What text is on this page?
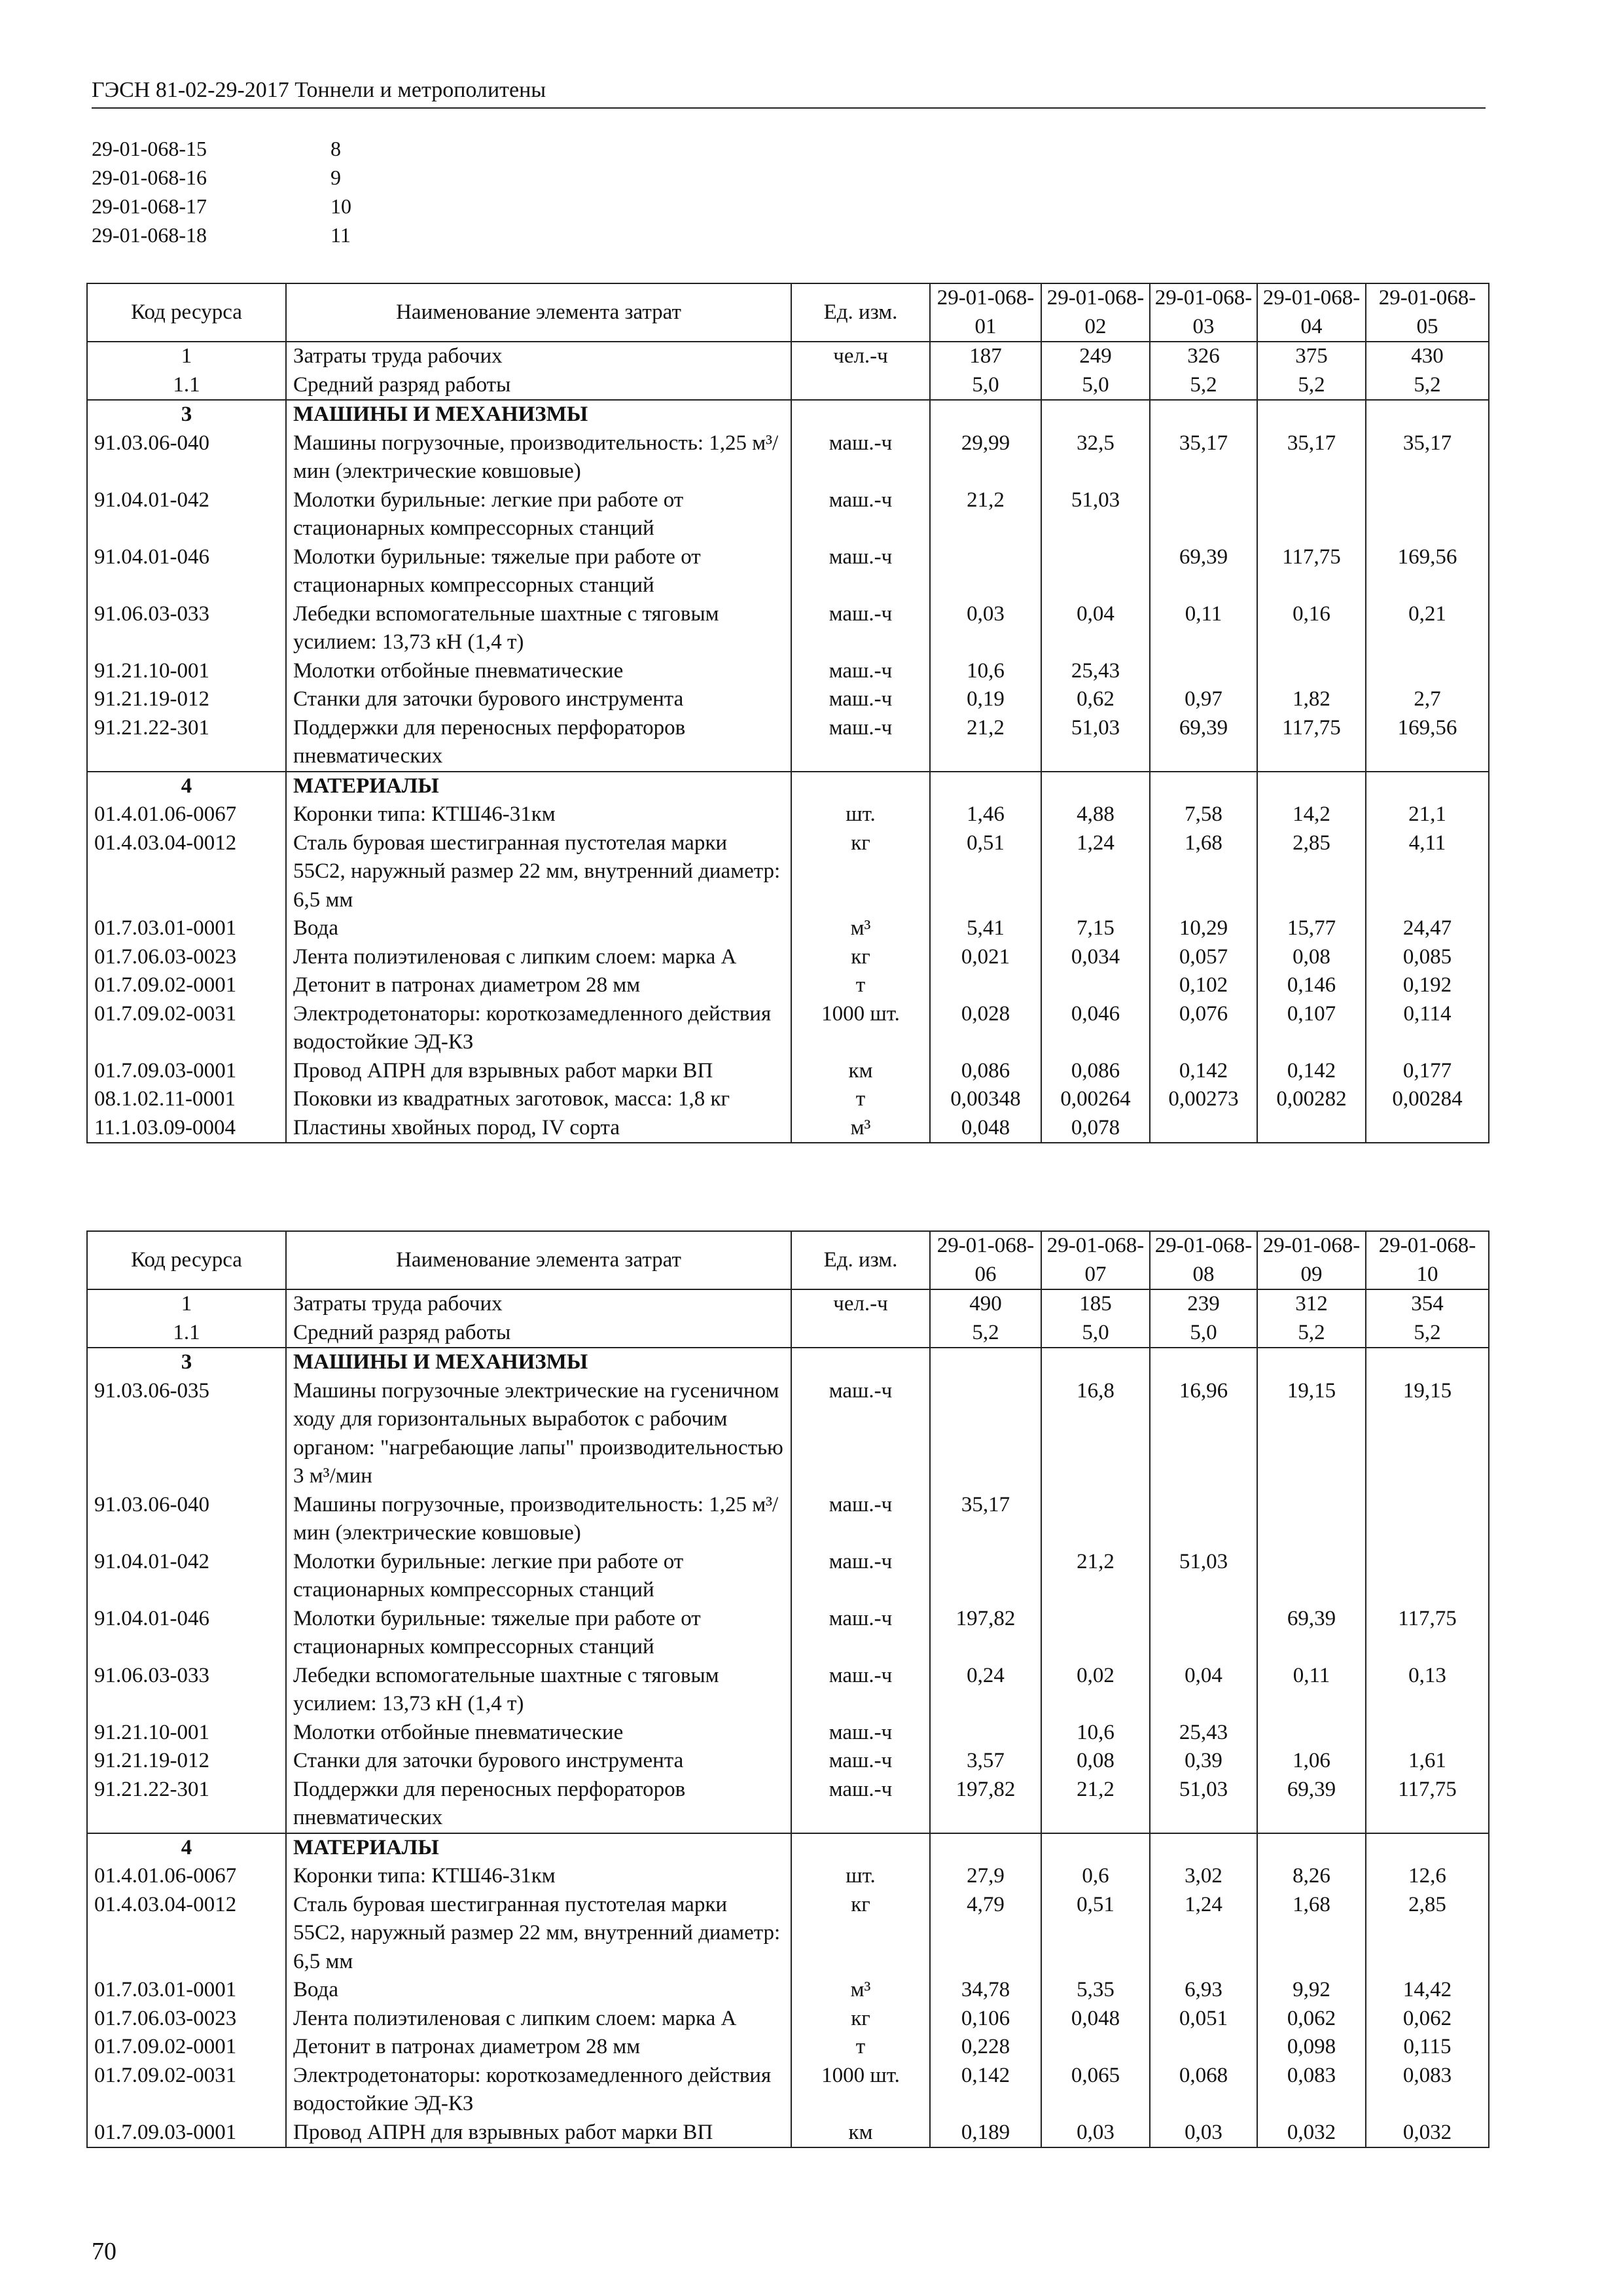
ГЭСН 81-02-29-2017 Тоннели и метрополитены
29-01-068-15	8
29-01-068-16	9
29-01-068-17	10
29-01-068-18	11
Код ресурса	Наименование элемента затрат	Ед. изм.	29-01-068-01	29-01-068-02	29-01-068-03	29-01-068-04	29-01-068-05
1	Затраты труда рабочих	чел.-ч	187	249	326	375	430
1.1	Средний разряд работы		5,0	5,0	5,2	5,2	5,2
3	МАШИНЫ И МЕХАНИЗМЫ						
91.03.06-040	Машины погрузочные, производительность: 1,25 м³/мин (электрические ковшовые)	маш.-ч	29,99	32,5	35,17	35,17	35,17
91.04.01-042	Молотки бурильные: легкие при работе от стационарных компрессорных станций	маш.-ч	21,2	51,03			
91.04.01-046	Молотки бурильные: тяжелые при работе от стационарных компрессорных станций	маш.-ч			69,39	117,75	169,56
91.06.03-033	Лебедки вспомогательные шахтные с тяговым усилием: 13,73 кН (1,4 т)	маш.-ч	0,03	0,04	0,11	0,16	0,21
91.21.10-001	Молотки отбойные пневматические	маш.-ч	10,6	25,43			
91.21.19-012	Станки для заточки бурового инструмента	маш.-ч	0,19	0,62	0,97	1,82	2,7
91.21.22-301	Поддержки для переносных перфораторов пневматических	маш.-ч	21,2	51,03	69,39	117,75	169,56
4	МАТЕРИАЛЫ						
01.4.01.06-0067	Коронки типа: КТШ46-31км	шт.	1,46	4,88	7,58	14,2	21,1
01.4.03.04-0012	Сталь буровая шестигранная пустотелая марки 55С2, наружный размер 22 мм, внутренний диаметр: 6,5 мм	кг	0,51	1,24	1,68	2,85	4,11
01.7.03.01-0001	Вода	м³	5,41	7,15	10,29	15,77	24,47
01.7.06.03-0023	Лента полиэтиленовая с липким слоем: марка А	кг	0,021	0,034	0,057	0,08	0,085
01.7.09.02-0001	Детонит в патронах диаметром 28 мм	т			0,102	0,146	0,192
01.7.09.02-0031	Электродетонаторы: короткозамедленного действия водостойкие ЭД-КЗ	1000 шт.	0,028	0,046	0,076	0,107	0,114
01.7.09.03-0001	Провод АПРН для взрывных работ марки ВП	км	0,086	0,086	0,142	0,142	0,177
08.1.02.11-0001	Поковки из квадратных заготовок, масса: 1,8 кг	т	0,00348	0,00264	0,00273	0,00282	0,00284
11.1.03.09-0004	Пластины хвойных пород, IV сорта	м³	0,048	0,078			
Код ресурса	Наименование элемента затрат	Ед. изм.	29-01-068-06	29-01-068-07	29-01-068-08	29-01-068-09	29-01-068-10
1	Затраты труда рабочих	чел.-ч	490	185	239	312	354
1.1	Средний разряд работы		5,2	5,0	5,0	5,2	5,2
3	МАШИНЫ И МЕХАНИЗМЫ						
91.03.06-035	Машины погрузочные электрические на гусеничном ходу для горизонтальных выработок с рабочим органом: "нагребающие лапы" производительностью 3 м³/мин	маш.-ч		16,8	16,96	19,15	19,15
91.03.06-040	Машины погрузочные, производительность: 1,25 м³/мин (электрические ковшовые)	маш.-ч	35,17				
91.04.01-042	Молотки бурильные: легкие при работе от стационарных компрессорных станций	маш.-ч		21,2	51,03		
91.04.01-046	Молотки бурильные: тяжелые при работе от стационарных компрессорных станций	маш.-ч	197,82			69,39	117,75
91.06.03-033	Лебедки вспомогательные шахтные с тяговым усилием: 13,73 кН (1,4 т)	маш.-ч	0,24	0,02	0,04	0,11	0,13
91.21.10-001	Молотки отбойные пневматические	маш.-ч		10,6	25,43		
91.21.19-012	Станки для заточки бурового инструмента	маш.-ч	3,57	0,08	0,39	1,06	1,61
91.21.22-301	Поддержки для переносных перфораторов пневматических	маш.-ч	197,82	21,2	51,03	69,39	117,75
4	МАТЕРИАЛЫ						
01.4.01.06-0067	Коронки типа: КТШ46-31км	шт.	27,9	0,6	3,02	8,26	12,6
01.4.03.04-0012	Сталь буровая шестигранная пустотелая марки 55С2, наружный размер 22 мм, внутренний диаметр: 6,5 мм	кг	4,79	0,51	1,24	1,68	2,85
01.7.03.01-0001	Вода	м³	34,78	5,35	6,93	9,92	14,42
01.7.06.03-0023	Лента полиэтиленовая с липким слоем: марка А	кг	0,106	0,048	0,051	0,062	0,062
01.7.09.02-0001	Детонит в патронах диаметром 28 мм	т	0,228			0,098	0,115
01.7.09.02-0031	Электродетонаторы: короткозамедленного действия водостойкие ЭД-КЗ	1000 шт.	0,142	0,065	0,068	0,083	0,083
01.7.09.03-0001	Провод АПРН для взрывных работ марки ВП	км	0,189	0,03	0,03	0,032	0,032
70
